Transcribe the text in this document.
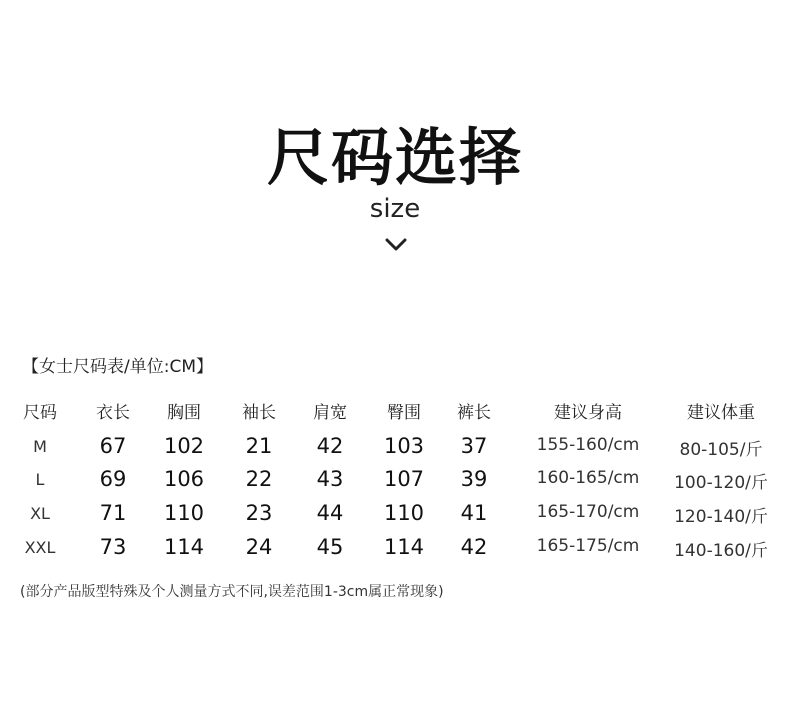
尺码选择
size
【女士尺码表/单位:CM】
尺码 衣长 胸围 袖长 肩宽 臀围 裤长	建议身高	建议体重
M	67 102 21 42 103 37	155-160/cm 80-105/斤
L	69 106 22 43 107 39	160-165/cm 100-120/斤
XL 71 110 23 44 110 41	165-170/cm 120-140/斤
XXL 73 114 24 45 114 42	165-175/cm 140-160/斤
(部分产品版型特殊及个人测量方式不同,误差范围1-3cm属正常现象)
